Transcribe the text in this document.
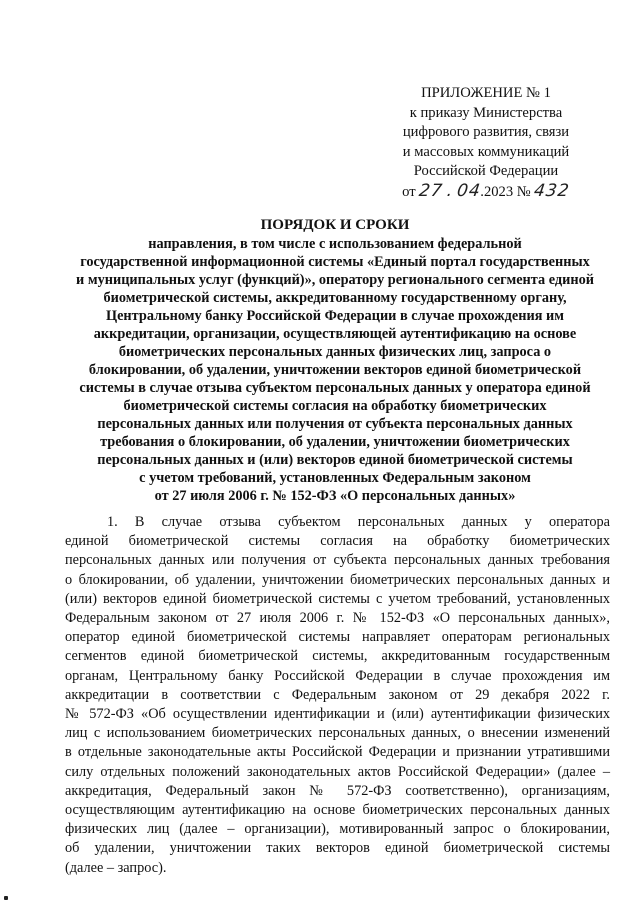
ПРИЛОЖЕНИЕ № 1
к приказу Министерства
цифрового развития, связи
и массовых коммуникаций
Российской Федерации
от 27 . 04.2023 № 432
ПОРЯДОК И СРОКИ
направления, в том числе с использованием федеральной
государственной информационной системы «Единый портал государственных
и муниципальных услуг (функций)», оператору регионального сегмента единой
биометрической системы, аккредитованному государственному органу,
Центральному банку Российской Федерации в случае прохождения им
аккредитации, организации, осуществляющей аутентификацию на основе
биометрических персональных данных физических лиц, запроса о
блокировании, об удалении, уничтожении векторов единой биометрической
системы в случае отзыва субъектом персональных данных у оператора единой
биометрической системы согласия на обработку биометрических
персональных данных или получения от субъекта персональных данных
требования о блокировании, об удалении, уничтожении биометрических
персональных данных и (или) векторов единой биометрической системы
с учетом требований, установленных Федеральным законом
от 27 июля 2006 г. № 152-ФЗ «О персональных данных»
1. В случае отзыва субъектом персональных данных у оператора
единой биометрической системы согласия на обработку биометрических
персональных данных или получения от субъекта персональных данных требования
о блокировании, об удалении, уничтожении биометрических персональных данных и
(или) векторов единой биометрической системы с учетом требований, установленных
Федеральным законом от 27 июля 2006 г. № 152-ФЗ «О персональных данных»,
оператор единой биометрической системы направляет операторам региональных
сегментов единой биометрической системы, аккредитованным государственным
органам, Центральному банку Российской Федерации в случае прохождения им
аккредитации в соответствии с Федеральным законом от 29 декабря 2022 г.
№ 572-ФЗ «Об осуществлении идентификации и (или) аутентификации физических
лиц с использованием биометрических персональных данных, о внесении изменений
в отдельные законодательные акты Российской Федерации и признании утратившими
силу отдельных положений законодательных актов Российской Федерации» (далее –
аккредитация, Федеральный закон № 572-ФЗ соответственно), организациям,
осуществляющим аутентификацию на основе биометрических персональных данных
физических лиц (далее – организации), мотивированный запрос о блокировании,
об удалении, уничтожении таких векторов единой биометрической системы
(далее – запрос).
